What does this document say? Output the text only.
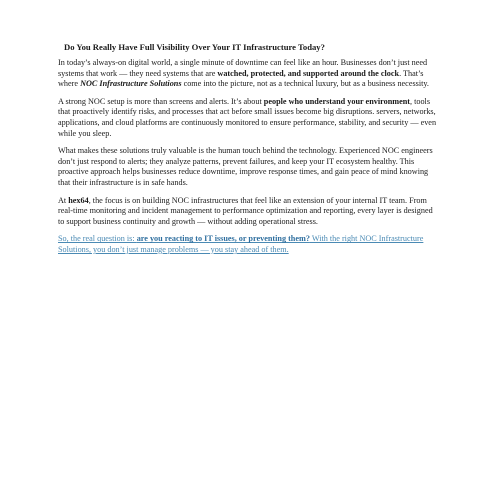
Do You Really Have Full Visibility Over Your IT Infrastructure Today?

In today’s always-on digital world, a single minute of downtime can feel like an hour. Businesses don’t just need systems that work — they need systems that are watched, protected, and supported around the clock. That’s where NOC Infrastructure Solutions come into the picture, not as a technical luxury, but as a business necessity.

A strong NOC setup is more than screens and alerts. It’s about people who understand your environment, tools that proactively identify risks, and processes that act before small issues become big disruptions. servers, networks, applications, and cloud platforms are continuously monitored to ensure performance, stability, and security — even while you sleep.

What makes these solutions truly valuable is the human touch behind the technology. Experienced NOC engineers don’t just respond to alerts; they analyze patterns, prevent failures, and keep your IT ecosystem healthy. This proactive approach helps businesses reduce downtime, improve response times, and gain peace of mind knowing that their infrastructure is in safe hands.

At hex64, the focus is on building NOC infrastructures that feel like an extension of your internal IT team. From real-time monitoring and incident management to performance optimization and reporting, every layer is designed to support business continuity and growth — without adding operational stress.

So, the real question is: are you reacting to IT issues, or preventing them? With the right NOC Infrastructure Solutions, you don’t just manage problems — you stay ahead of them.
